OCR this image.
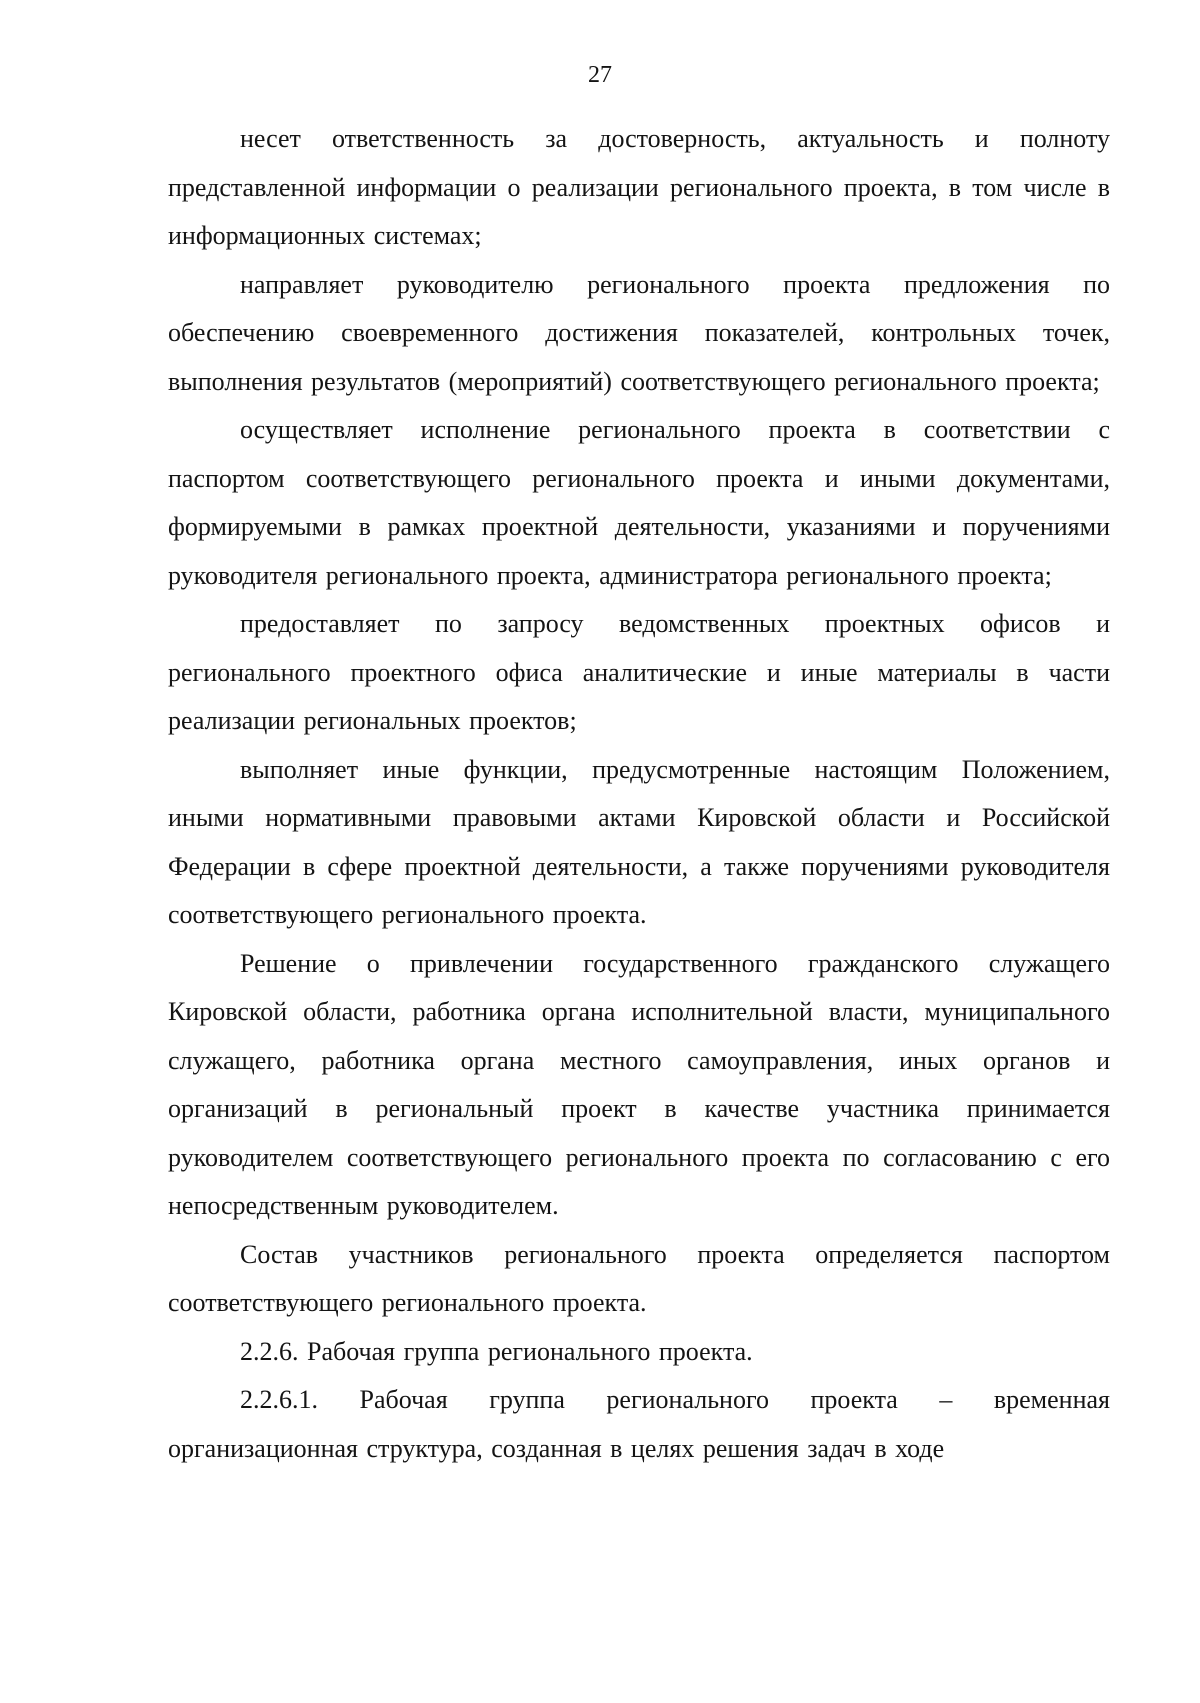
27

несет ответственность за достоверность, актуальность и полноту представленной информации о реализации регионального проекта, в том числе в информационных системах;

направляет руководителю регионального проекта предложения по обеспечению своевременного достижения показателей, контрольных точек, выполнения результатов (мероприятий) соответствующего регионального проекта;

осуществляет исполнение регионального проекта в соответствии с паспортом соответствующего регионального проекта и иными документами, формируемыми в рамках проектной деятельности, указаниями и поручениями руководителя регионального проекта, администратора регионального проекта;

предоставляет по запросу ведомственных проектных офисов и регионального проектного офиса аналитические и иные материалы в части реализации региональных проектов;

выполняет иные функции, предусмотренные настоящим Положением, иными нормативными правовыми актами Кировской области и Российской Федерации в сфере проектной деятельности, а также поручениями руководителя соответствующего регионального проекта.

Решение о привлечении государственного гражданского служащего Кировской области, работника органа исполнительной власти, муниципального служащего, работника органа местного самоуправления, иных органов и организаций в региональный проект в качестве участника принимается руководителем соответствующего регионального проекта по согласованию с его непосредственным руководителем.

Состав участников регионального проекта определяется паспортом соответствующего регионального проекта.

2.2.6. Рабочая группа регионального проекта.

2.2.6.1. Рабочая группа регионального проекта – временная организационная структура, созданная в целях решения задач в ходе
